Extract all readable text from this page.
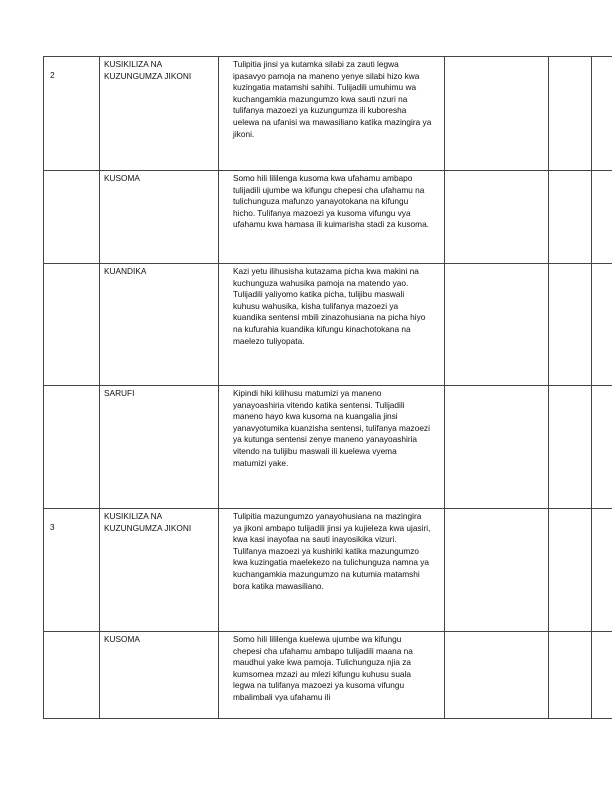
2	KUSIKILIZA NA KUZUNGUMZA JIKONI	Tulipitia jinsi ya kutamka silabi za zauti legwa ipasavyo pamoja na maneno yenye silabi hizo kwa kuzingatia matamshi sahihi. Tulijadili umuhimu wa kuchangamkia mazungumzo kwa sauti nzuri na tulifanya mazoezi ya kuzungumza ili kuboresha uelewa na ufanisi wa mawasiliano katika mazingira ya jikoni.			

	KUSOMA	Somo hili lililenga kusoma kwa ufahamu ambapo tulijadili ujumbe wa kifungu chepesi cha ufahamu na tulichunguza mafunzo yanayotokana na kifungu hicho. Tulifanya mazoezi ya kusoma vifungu vya ufahamu kwa hamasa ili kuimarisha stadi za kusoma.			

	KUANDIKA	Kazi yetu ilihusisha kutazama picha kwa makini na kuchunguza wahusika pamoja na matendo yao. Tulijadili yaliyomo katika picha, tulijibu maswali kuhusu wahusika, kisha tulifanya mazoezi ya kuandika sentensi mbili zinazohusiana na picha hiyo na kufurahia kuandika kifungu kinachotokana na maelezo tuliyopata.			

	SARUFI	Kipindi hiki kilihusu matumizi ya maneno yanayoashiria vitendo katika sentensi. Tulijadili maneno hayo kwa kusoma na kuangalia jinsi yanavyotumika kuanzisha sentensi, tulifanya mazoezi ya kutunga sentensi zenye maneno yanayoashiria vitendo na tulijibu maswali ili kuelewa vyema matumizi yake.			

3	KUSIKILIZA NA KUZUNGUMZA JIKONI	Tulipitia mazungumzo yanayohusiana na mazingira ya jikoni ambapo tulijadili jinsi ya kujieleza kwa ujasiri, kwa kasi inayofaa na sauti inayosikika vizuri. Tulifanya mazoezi ya kushiriki katika mazungumzo kwa kuzingatia maelekezo na tulichunguza namna ya kuchangamkia mazungumzo na kutumia matamshi bora katika mawasiliano.			

	KUSOMA	Somo hili lililenga kuelewa ujumbe wa kifungu chepesi cha ufahamu ambapo tulijadili maana na maudhui yake kwa pamoja. Tulichunguza njia za kumsomea mzazi au mlezi kifungu kuhusu suala legwa na tulifanya mazoezi ya kusoma vifungu mbalimbali vya ufahamu ili			
